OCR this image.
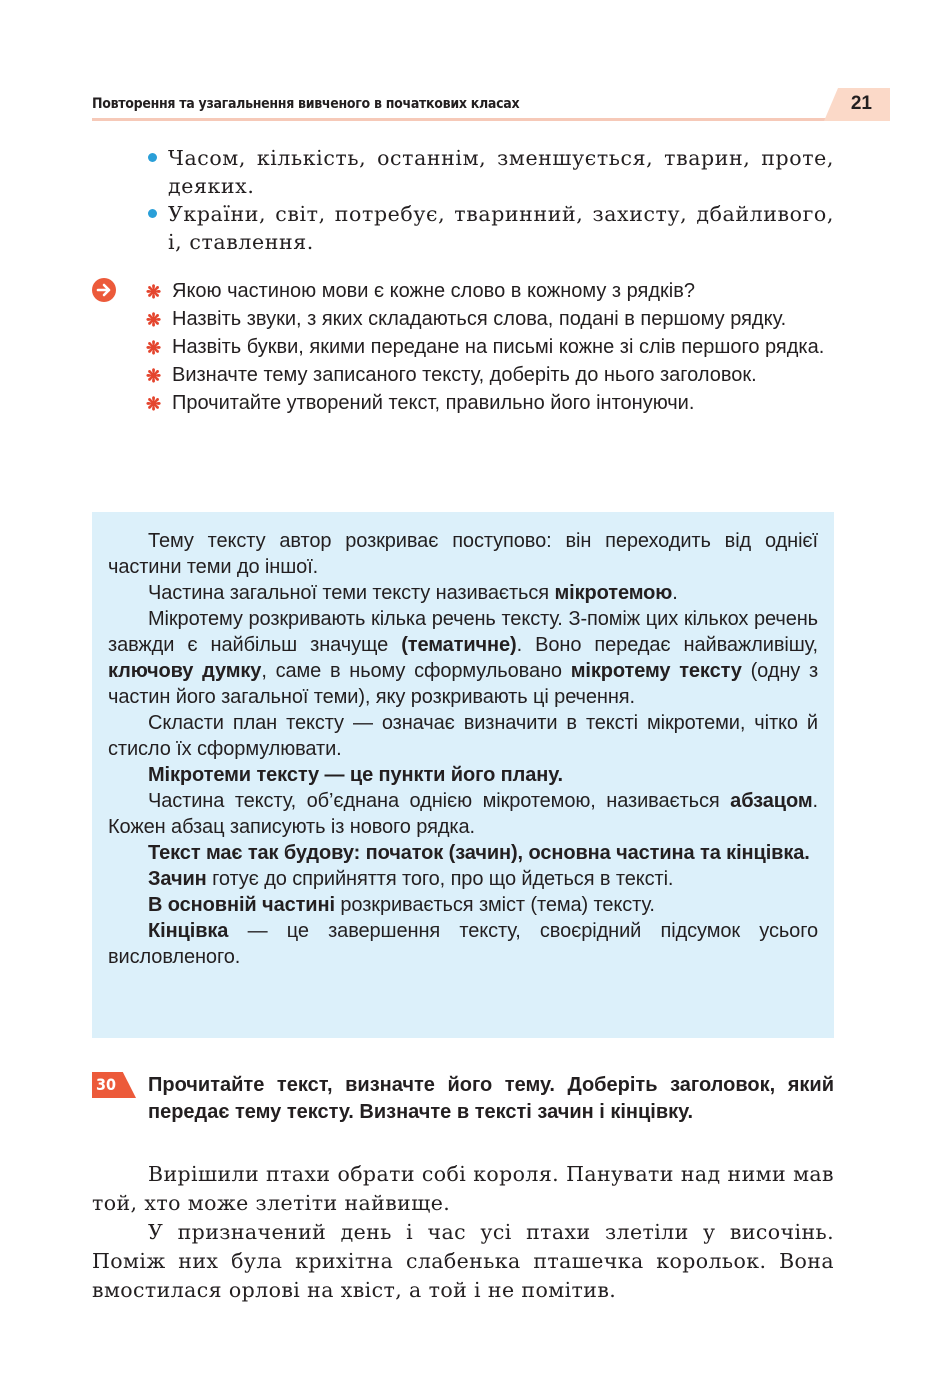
Повторення та узагальнення вивченого в початкових класах	21
Часом, кількість, останнім, зменшується, тварин, проте, деяких.
України, світ, потребує, тваринний, захисту, дбайливого, і, ставлення.
❋ Якою частиною мови є кожне слово в кожному з рядків?
❋ Назвіть звуки, з яких складаються слова, подані в першому рядку.
❋ Назвіть букви, якими передане на письмі кожне зі слів першого рядка.
❋ Визначте тему записаного тексту, доберіть до нього заголовок.
❋ Прочитайте утворений текст, правильно його інтонуючи.

Тему тексту автор розкриває поступово: він переходить від однієї частини теми до іншої.

Частина загальної теми тексту називається мікротемою.

Мікротему розкривають кілька речень тексту. З-поміж цих кількох речень завжди є найбільш значуще (тематичне). Воно передає найважливішу, ключову думку, саме в ньому сформульовано мікротему тексту (одну з частин його загальної теми), яку розкривають ці речення.

Скласти план тексту — означає визначити в тексті мікротеми, чітко й стисло їх сформулювати.

Мікротеми тексту — це пункти його плану.

Частина тексту, об’єднана однією мікротемою, називається абзацом. Кожен абзац записують із нового рядка.

Текст має так будову: початок (зачин), основна частина та кінцівка.

Зачин готує до сприйняття того, про що йдеться в тексті.

В основній частині розкривається зміст (тема) тексту.

Кінцівка — це завершення тексту, своєрідний підсумок усього висловленого.

30 Прочитайте текст, визначте його тему. Доберіть заголовок, який передає тему тексту. Визначте в тексті зачин і кінцівку.

Вирішили птахи обрати собі короля. Панувати над ними мав той, хто може злетіти найвище.

У призначений день і час усі птахи злетіли у височінь. Поміж них була крихітна слабенька пташечка корольок. Вона вмостилася орлові на хвіст, а той і не помітив.
